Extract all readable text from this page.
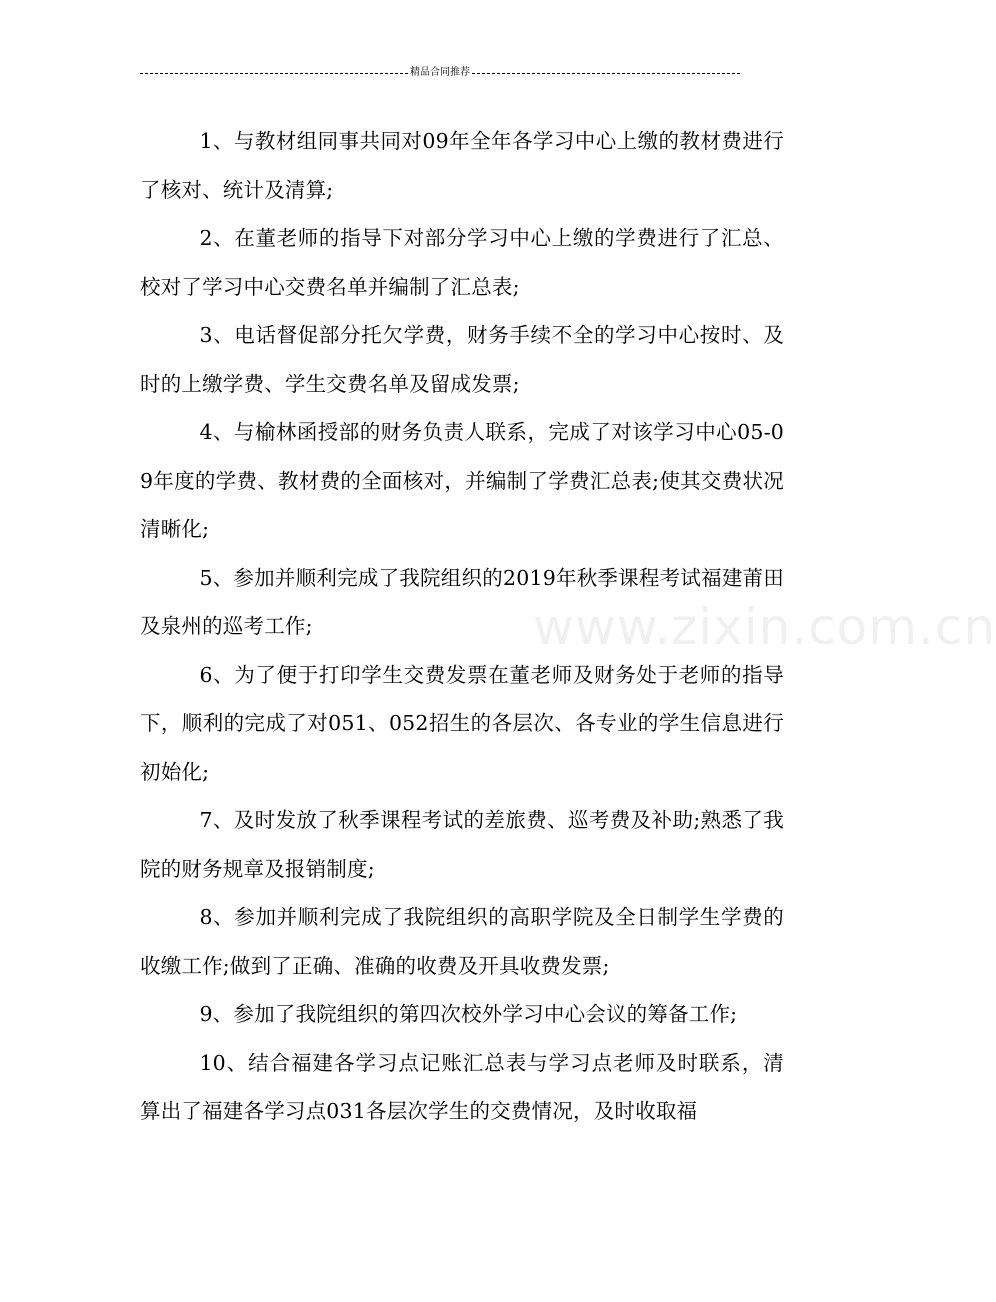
精品合同推荐

1、与教材组同事共同对09年全年各学习中心上缴的教材费进行了核对、统计及清算;

2、在董老师的指导下对部分学习中心上缴的学费进行了汇总、校对了学习中心交费名单并编制了汇总表;

3、电话督促部分托欠学费，财务手续不全的学习中心按时、及时的上缴学费、学生交费名单及留成发票;

4、与榆林函授部的财务负责人联系，完成了对该学习中心05-09年度的学费、教材费的全面核对，并编制了学费汇总表;使其交费状况清晰化;

5、参加并顺利完成了我院组织的2019年秋季课程考试福建莆田及泉州的巡考工作;

6、为了便于打印学生交费发票在董老师及财务处于老师的指导下，顺利的完成了对051、052招生的各层次、各专业的学生信息进行初始化;

7、及时发放了秋季课程考试的差旅费、巡考费及补助;熟悉了我院的财务规章及报销制度;

8、参加并顺利完成了我院组织的高职学院及全日制学生学费的收缴工作;做到了正确、准确的收费及开具收费发票;

9、参加了我院组织的第四次校外学习中心会议的筹备工作;

10、结合福建各学习点记账汇总表与学习点老师及时联系，清算出了福建各学习点031各层次学生的交费情况，及时收取福

www.zixin.com.cn
